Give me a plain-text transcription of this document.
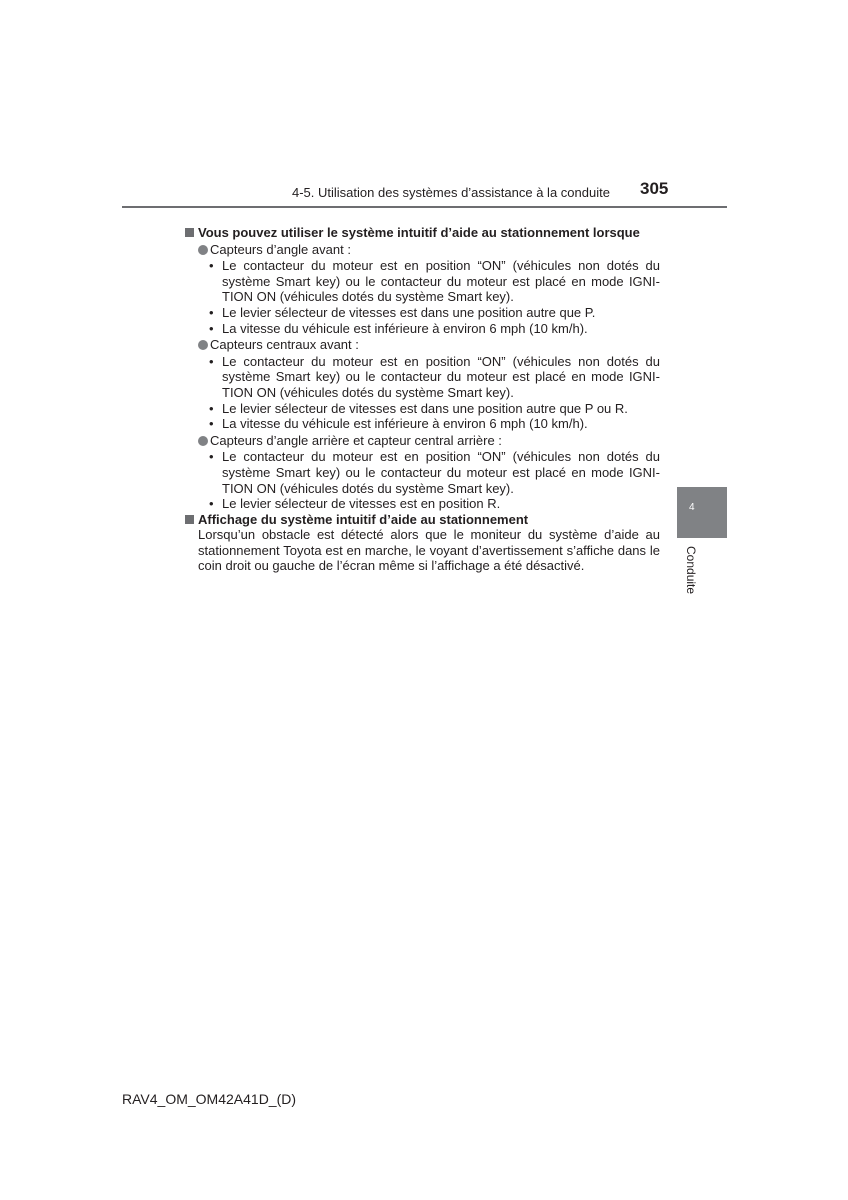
4-5. Utilisation des systèmes d’assistance à la conduite 305
Vous pouvez utiliser le système intuitif d’aide au stationnement lorsque
Capteurs d’angle avant :
• Le contacteur du moteur est en position “ON” (véhicules non dotés du système Smart key) ou le contacteur du moteur est placé en mode IGNI-TION ON (véhicules dotés du système Smart key).
• Le levier sélecteur de vitesses est dans une position autre que P.
• La vitesse du véhicule est inférieure à environ 6 mph (10 km/h).
Capteurs centraux avant :
• Le contacteur du moteur est en position “ON” (véhicules non dotés du système Smart key) ou le contacteur du moteur est placé en mode IGNI-TION ON (véhicules dotés du système Smart key).
• Le levier sélecteur de vitesses est dans une position autre que P ou R.
• La vitesse du véhicule est inférieure à environ 6 mph (10 km/h).
Capteurs d’angle arrière et capteur central arrière :
• Le contacteur du moteur est en position “ON” (véhicules non dotés du système Smart key) ou le contacteur du moteur est placé en mode IGNI-TION ON (véhicules dotés du système Smart key).
• Le levier sélecteur de vitesses est en position R.
Affichage du système intuitif d’aide au stationnement
Lorsqu’un obstacle est détecté alors que le moniteur du système d’aide au stationnement Toyota est en marche, le voyant d’avertissement s’affiche dans le coin droit ou gauche de l’écran même si l’affichage a été désactivé.
4
Conduite
RAV4_OM_OM42A41D_(D)
